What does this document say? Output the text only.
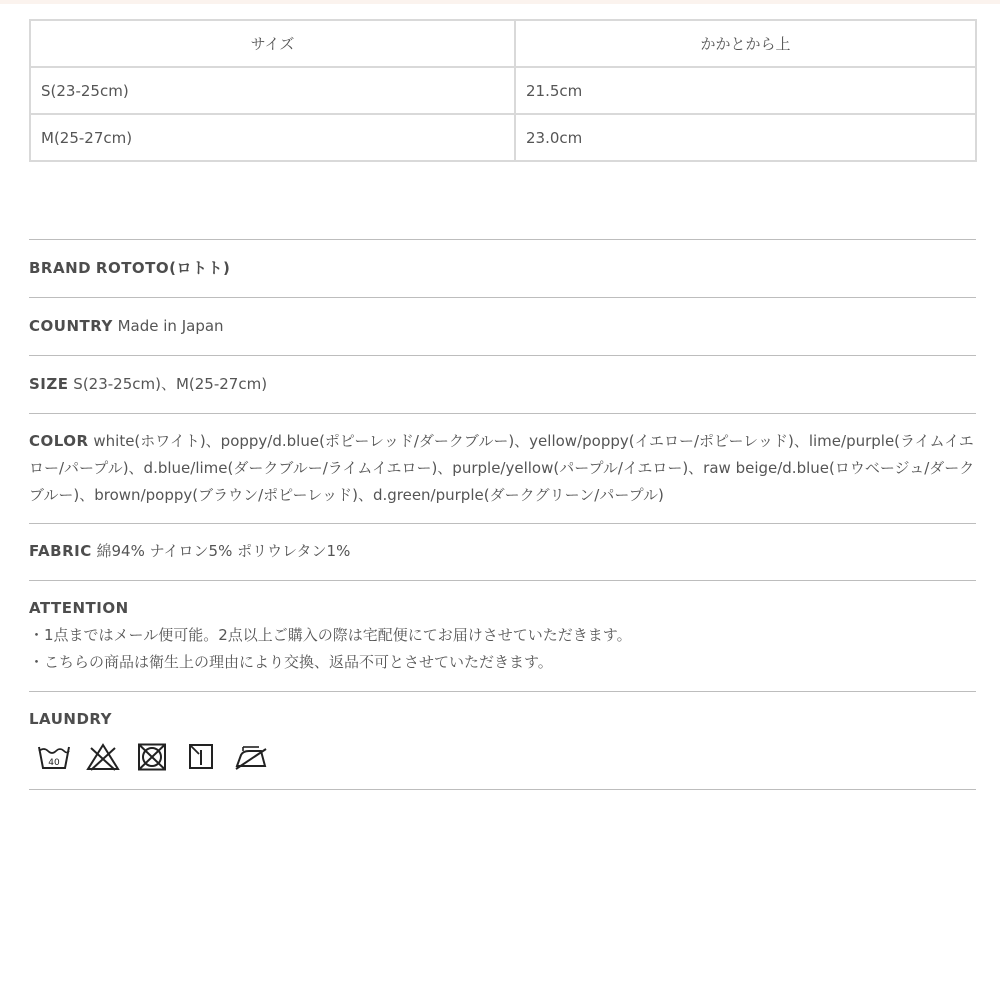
サイズ	かかとから上
S(23-25cm)	21.5cm
M(25-27cm)	23.0cm
BRAND ROTOTO(ロトト)
COUNTRY Made in Japan
SIZE S(23-25cm)、M(25-27cm)
COLOR white(ホワイト)、poppy/d.blue(ポピーレッド/ダークブルー)、yellow/poppy(イエロー/ポピーレッド)、lime/purple(ライムイエロー/パープル)、d.blue/lime(ダークブルー/ライムイエロー)、purple/yellow(パープル/イエロー)、raw beige/d.blue(ロウベージュ/ダークブルー)、brown/poppy(ブラウン/ポピーレッド)、d.green/purple(ダークグリーン/パープル)
FABRIC 綿94% ナイロン5% ポリウレタン1%
ATTENTION
・1点まではメール便可能。2点以上ご購入の際は宅配便にてお届けさせていただきます。
・こちらの商品は衛生上の理由により交換、返品不可とさせていただきます。
LAUNDRY
40
